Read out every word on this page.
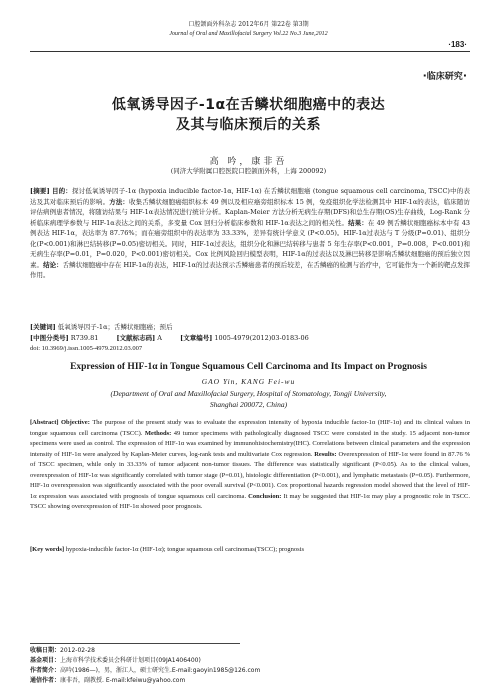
口腔颌面外科杂志 2012年6月 第22卷 第3期
Journal of Oral and Maxillofacial Surgery Vol.22 No.3 June,2012
·183·
·临床研究·
低氧诱导因子-1α在舌鳞状细胞癌中的表达
及其与临床预后的关系
高 吟，康非吾
(同济大学附属口腔医院口腔颌面外科，上海 200092)
[摘要] 目的：探讨低氧诱导因子-1α (hypoxia inducible factor-1α, HIF-1α) 在舌鳞状细胞癌 (tongue squamous cell carcinoma, TSCC)中的表达及其对临床预后的影响。方法：收集舌鳞状细胞癌组织标本 49 例以及相应癌旁组织标本 15 例，免疫组织化学法检测其中 HIF-1α的表达，临床随访评估病例患者情况，将随访结果与 HIF-1α表达情况进行统计分析。Kaplan-Meier 方法分析无病生存期(DFS)和总生存期(OS)生存曲线，Log-Rank 分析临床病理学参数与 HIF-1α表达之间的关系，多变量 Cox 回归分析临床参数和 HIF-1α表达之间的相关性。结果：在 49 例舌鳞状细胞癌标本中有 43 例表达 HIF-1α，表达率为 87.76%；而在癌旁组织中的表达率为 33.33%，差异有统计学意义 (P<0.05)。HIF-1α过表达与 T 分级(P=0.01)、组织分化(P<0.001)和淋巴结转移(P=0.05)密切相关。同时，HIF-1α过表达，组织分化和淋巴结转移与患者 5 年生存率(P<0.001，P=0.008，P<0.001)和无病生存率(P=0.01，P=0.020，P<0.001)密切相关。Cox 比例风险回归模型表明，HIF-1α的过表达以及淋巴转移是影响舌鳞状细胞癌的预后独立因素。结论：舌鳞状细胞癌中存在 HIF-1α的表达，HIF-1α的过表达预示舌鳞癌患者的预后较差，在舌鳞癌的检测与治疗中，它可能作为一个新的靶点发挥作用。
[关键词] 低氧诱导因子-1α；舌鳞状细胞癌；预后
[中图分类号] R739.81	[文献标志码] A	[文章编号] 1005-4979(2012)03-0183-06
doi: 10.3969/j.issn.1005-4979.2012.03.007
Expression of HIF-1α in Tongue Squamous Cell Carcinoma and Its Impact on Prognosis
GAO Yin, KANG Fei-wu
(Department of Oral and Maxillofacial Surgery, Hospital of Stomatology, Tongji University,
Shanghai 200072, China)
[Abstract] Objective: The purpose of the present study was to evaluate the expression intensity of hypoxia inducible factor-1α (HIF-1α) and its clinical values in tongue squamous cell carcinoma (TSCC). Methods: 49 tumor specimens with pathologically diagnosed TSCC were consisted in the study. 15 adjacent non-tumor specimens were used as control. The expression of HIF-1α was examined by immunohistochemistry(IHC). Correlations between clinical parameters and the expression intensity of HIF-1α were analyzed by Kaplan-Meier curves, log-rank tests and multivariate Cox regression. Results: Overexpression of HIF-1α were found in 87.76 % of TSCC specimen, while only in 33.33% of tumor adjacent non-tumor tissues. The difference was statistically significant (P<0.05). As to the clinical values, overexpression of HIF-1α was significantly correlated with tumor stage (P=0.01), histologic differentiation (P<0.001), and lymphatic metastasis (P=0.05). Furthermore, HIF-1α overexpression was significantly associated with the poor overall survival (P<0.001). Cox proportional hazards regression model showed that the level of HIF-1α expression was associated with prognosis of tongue squamous cell carcinoma. Conclusion: It may be suggested that HIF-1α may play a prognostic role in TSCC. TSCC showing overexpression of HIF-1α showed poor prognosis.
[Key words] hypoxia-inducible factor-1α (HIF-1α); tongue squamous cell carcinomas(TSCC); prognosis
收稿日期：2012-02-28
基金项目：上海市科学技术委员会科研计划项目(09JA1406400)
作者简介：高吟(1986—)，男，浙江人，硕士研究生.E-mail:gaoyin1985@126.com
通信作者：康非吾，副教授. E-mail:kfeiwu@yahoo.com
